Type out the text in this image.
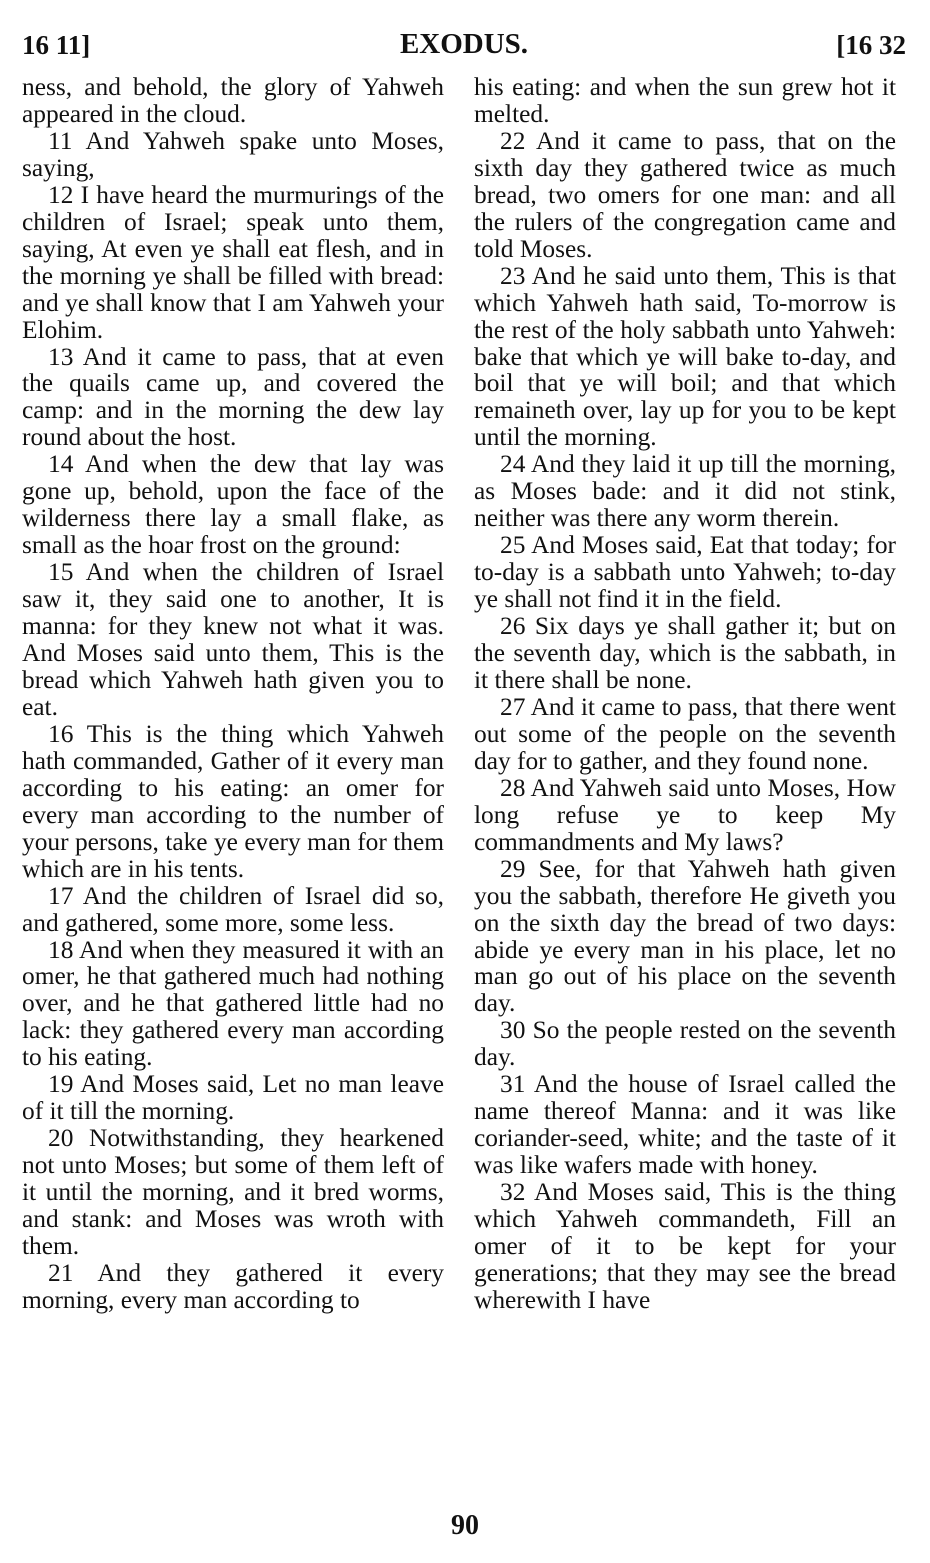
16 11]	EXODUS.	[16 32

ness, and behold, the glory of Yahweh appeared in the cloud.

11 And Yahweh spake unto Moses, saying,

12 I have heard the murmurings of the children of Israel; speak unto them, saying, At even ye shall eat flesh, and in the morning ye shall be filled with bread: and ye shall know that I am Yahweh your Elohim.

13 And it came to pass, that at even the quails came up, and covered the camp: and in the morning the dew lay round about the host.

14 And when the dew that lay was gone up, behold, upon the face of the wilderness there lay a small flake, as small as the hoar frost on the ground:

15 And when the children of Israel saw it, they said one to another, It is manna: for they knew not what it was. And Moses said unto them, This is the bread which Yahweh hath given you to eat.

16 This is the thing which Yahweh hath commanded, Gather of it every man according to his eating: an omer for every man according to the number of your persons, take ye every man for them which are in his tents.

17 And the children of Israel did so, and gathered, some more, some less.

18 And when they measured it with an omer, he that gathered much had nothing over, and he that gathered little had no lack: they gathered every man according to his eating.

19 And Moses said, Let no man leave of it till the morning.

20 Notwithstanding, they hearkened not unto Moses; but some of them left of it until the morning, and it bred worms, and stank: and Moses was wroth with them.

21 And they gathered it every morning, every man according to

his eating: and when the sun grew hot it melted.

22 And it came to pass, that on the sixth day they gathered twice as much bread, two omers for one man: and all the rulers of the congregation came and told Moses.

23 And he said unto them, This is that which Yahweh hath said, To-morrow is the rest of the holy sabbath unto Yahweh: bake that which ye will bake to-day, and boil that ye will boil; and that which remaineth over, lay up for you to be kept until the morning.

24 And they laid it up till the morning, as Moses bade: and it did not stink, neither was there any worm therein.

25 And Moses said, Eat that today; for to-day is a sabbath unto Yahweh; to-day ye shall not find it in the field.

26 Six days ye shall gather it; but on the seventh day, which is the sabbath, in it there shall be none.

27 And it came to pass, that there went out some of the people on the seventh day for to gather, and they found none.

28 And Yahweh said unto Moses, How long refuse ye to keep My commandments and My laws?

29 See, for that Yahweh hath given you the sabbath, therefore He giveth you on the sixth day the bread of two days: abide ye every man in his place, let no man go out of his place on the seventh day.

30 So the people rested on the seventh day.

31 And the house of Israel called the name thereof Manna: and it was like coriander-seed, white; and the taste of it was like wafers made with honey.

32 And Moses said, This is the thing which Yahweh commandeth, Fill an omer of it to be kept for your generations; that they may see the bread wherewith I have

90
